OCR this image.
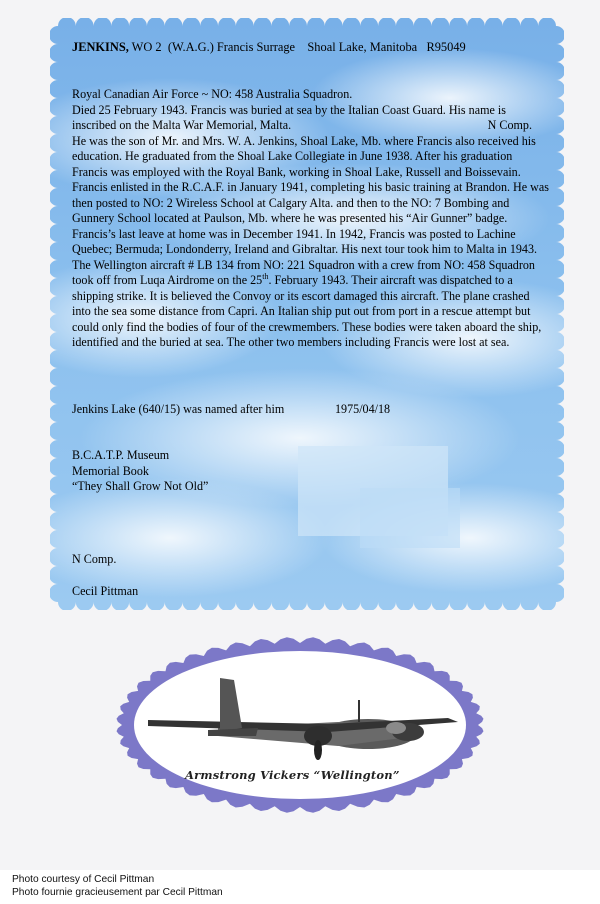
JENKINS, WO 2  (W.A.G.) Francis Surrage    Shoal Lake, Manitoba   R95049

Royal Canadian Air Force ~ NO: 458 Australia Squadron.

Died 25 February 1943. Francis was buried at sea by the Italian Coast Guard. His name is inscribed on the Malta War Memorial, Malta.	N Comp.

He was the son of Mr. and Mrs. W. A. Jenkins, Shoal Lake, Mb. where Francis also received his education. He graduated from the Shoal Lake Collegiate in June 1938. After his graduation Francis was employed with the Royal Bank, working in Shoal Lake, Russell and Boissevain. Francis enlisted in the R.C.A.F. in January 1941, completing his basic training at Brandon. He was then posted to NO: 2 Wireless School at Calgary Alta. and then to the NO: 7 Bombing and Gunnery School located at Paulson, Mb. where he was presented his “Air Gunner” badge. Francis’s last leave at home was in December 1941. In 1942, Francis was posted to Lachine Quebec; Bermuda; Londonderry, Ireland and Gibraltar. His next tour took him to Malta in 1943.

The Wellington aircraft # LB 134 from NO: 221 Squadron with a crew from NO: 458 Squadron took off from Luqa Airdrome on the 25th. February 1943. Their aircraft was dispatched to a shipping strike. It is believed the Convoy or its escort damaged this aircraft. The plane crashed into the sea some distance from Capri. An Italian ship put out from port in a rescue attempt but could only find the bodies of four of the crewmembers. These bodies were taken aboard the ship, identified and the buried at sea. The other two members including Francis were lost at sea.

Jenkins Lake (640/15) was named after him	1975/04/18
B.C.A.T.P. Museum
Memorial Book
“They Shall Grow Not Old”
N Comp.
Cecil Pittman
Armstrong Vickers “Wellington”
Photo courtesy of Cecil Pittman
Photo fournie gracieusement par Cecil Pittman
